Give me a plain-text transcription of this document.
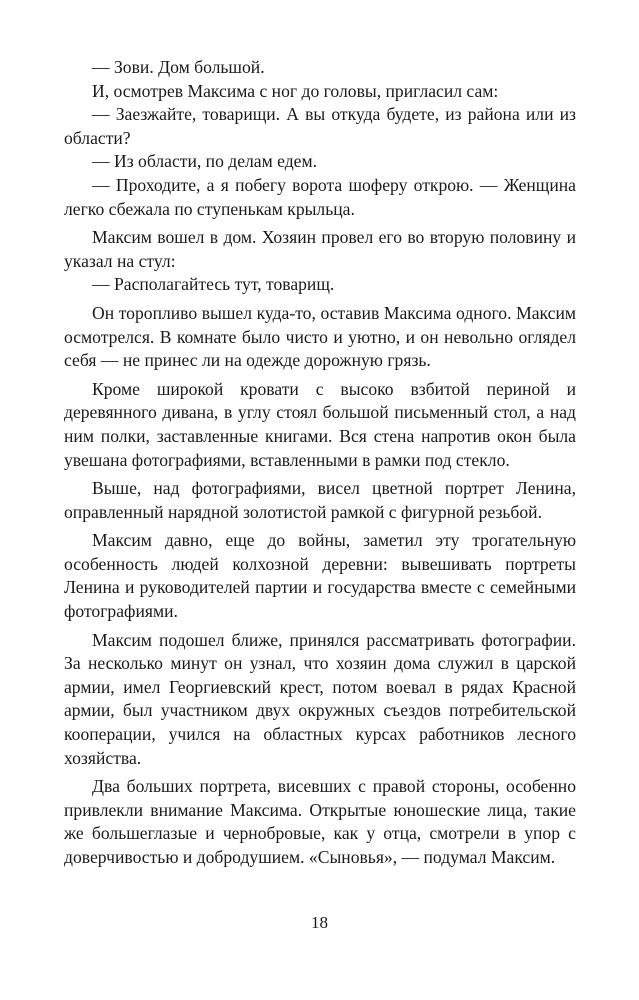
— Зови. Дом большой.

И, осмотрев Максима с ног до головы, пригласил сам:

— Заезжайте, товарищи. А вы откуда будете, из района или из области?

— Из области, по делам едем.

— Проходите, а я побегу ворота шоферу открою. — Женщина легко сбежала по ступенькам крыльца.

Максим вошел в дом. Хозяин провел его во вторую половину и указал на стул:

— Располагайтесь тут, товарищ.

Он торопливо вышел куда-то, оставив Максима одного. Максим осмотрелся. В комнате было чисто и уютно, и он невольно оглядел себя — не принес ли на одежде дорожную грязь.

Кроме широкой кровати с высоко взбитой периной и деревянного дивана, в углу стоял большой письменный стол, а над ним полки, заставленные книгами. Вся стена напротив окон была увешана фотографиями, вставленными в рамки под стекло.

Выше, над фотографиями, висел цветной портрет Ленина, оправленный нарядной золотистой рамкой с фигурной резьбой.

Максим давно, еще до войны, заметил эту трогательную особенность людей колхозной деревни: вывешивать портреты Ленина и руководителей партии и государства вместе с семейными фотографиями.

Максим подошел ближе, принялся рассматривать фотографии. За несколько минут он узнал, что хозяин дома служил в царской армии, имел Георгиевский крест, потом воевал в рядах Красной армии, был участником двух окружных съездов потребительской кооперации, учился на областных курсах работников лесного хозяйства.

Два больших портрета, висевших с правой стороны, особенно привлекли внимание Максима. Открытые юношеские лица, такие же большеглазые и чернобровые, как у отца, смотрели в упор с доверчивостью и добродушием. «Сыновья», — подумал Максим.

18
